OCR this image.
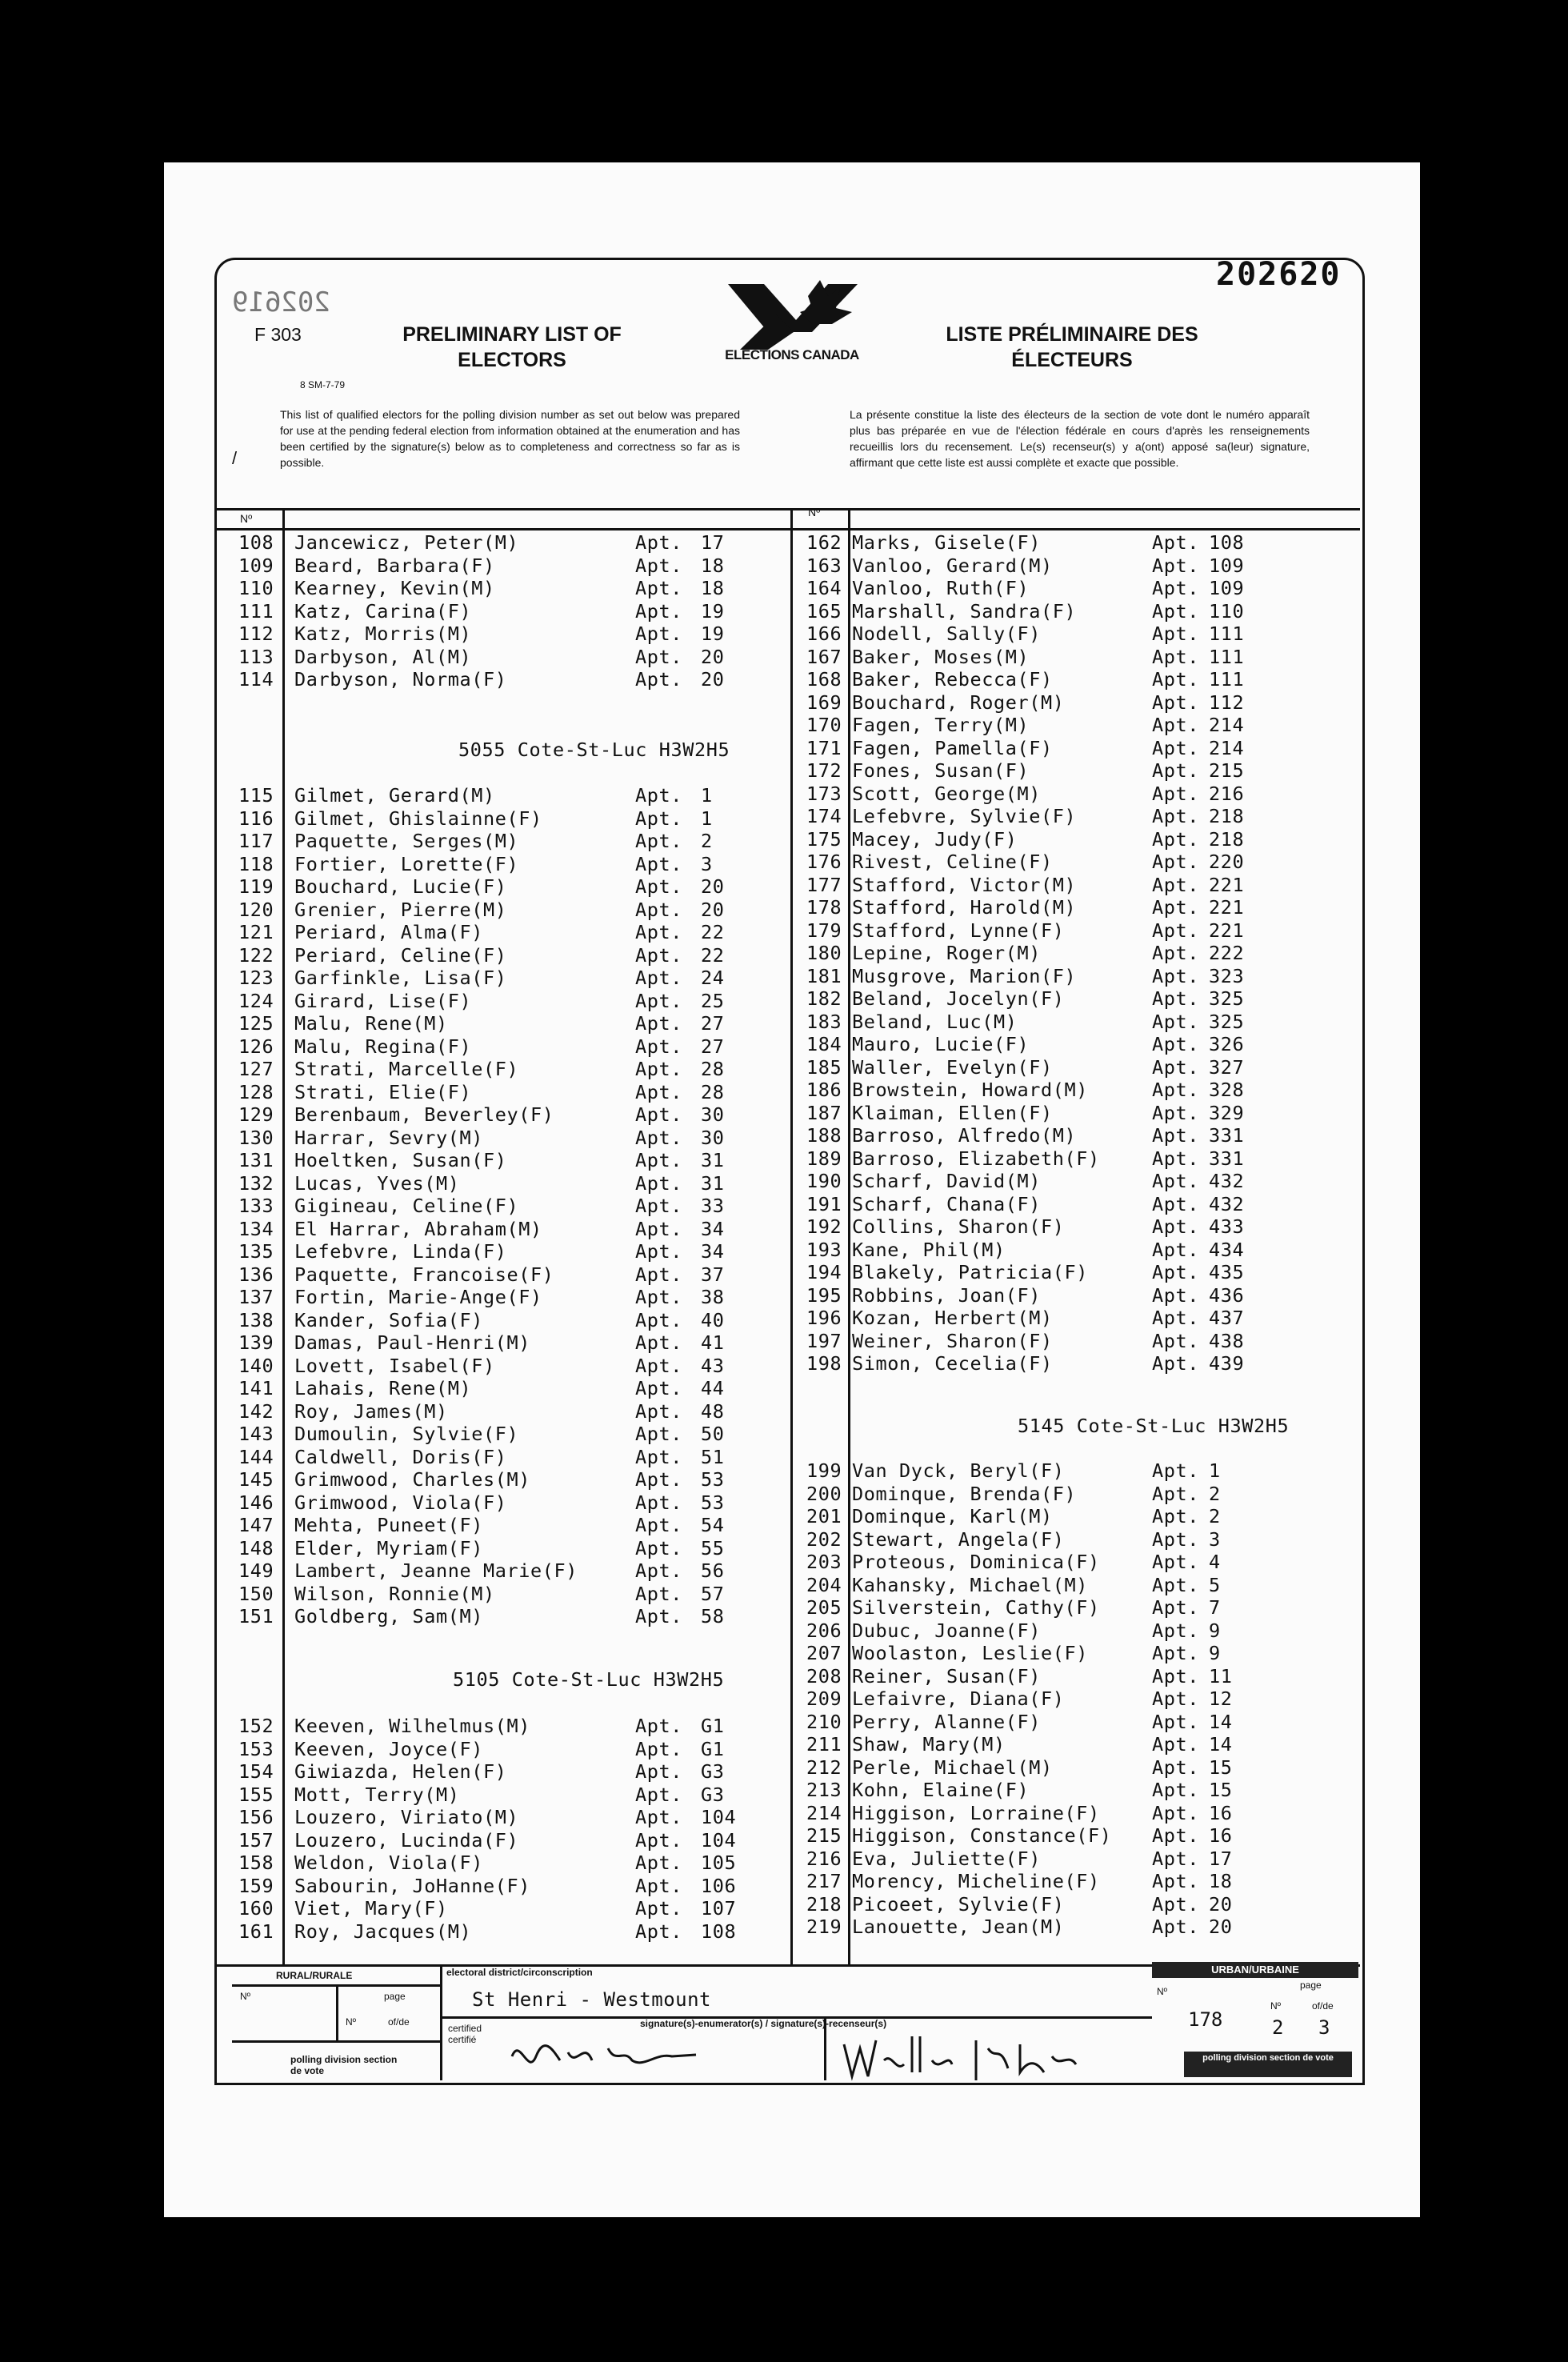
202619
202620
F 303
8 SM-7-79
PRELIMINARY LIST OF ELECTORS
LISTE PRÉLIMINAIRE DES ÉLECTEURS
ELECTIONS CANADA
This list of qualified electors for the polling division number as set out below was prepared for use at the pending federal election from information obtained at the enumeration and has been certified by the signature(s) below as to completeness and correctness so far as is possible.
La présente constitue la liste des électeurs de la section de vote dont le numéro apparaît plus bas préparée en vue de l'élection fédérale en cours d'après les renseignements recueillis lors du recensement. Le(s) recenseur(s) y a(ont) apposé sa(leur) signature, affirmant que cette liste est aussi complète et exacte que possible.
/
Nº	Nº
108 Jancewicz, Peter(M)	Apt. 17
109 Beard, Barbara(F)	Apt. 18
110 Kearney, Kevin(M)	Apt. 18
111 Katz, Carina(F)	Apt. 19
112 Katz, Morris(M)	Apt. 19
113 Darbyson, Al(M)	Apt. 20
114 Darbyson, Norma(F)	Apt. 20
115 Gilmet, Gerard(M)	Apt. 1
116 Gilmet, Ghislainne(F)	Apt. 1
117 Paquette, Serges(M)	Apt. 2
118 Fortier, Lorette(F)	Apt. 3
119 Bouchard, Lucie(F)	Apt. 20
120 Grenier, Pierre(M)	Apt. 20
121 Periard, Alma(F)	Apt. 22
122 Periard, Celine(F)	Apt. 22
123 Garfinkle, Lisa(F)	Apt. 24
124 Girard, Lise(F)	Apt. 25
125 Malu, Rene(M)	Apt. 27
126 Malu, Regina(F)	Apt. 27
127 Strati, Marcelle(F)	Apt. 28
128 Strati, Elie(F)	Apt. 28
129 Berenbaum, Beverley(F)	Apt. 30
130 Harrar, Sevry(M)	Apt. 30
131 Hoeltken, Susan(F)	Apt. 31
132 Lucas, Yves(M)	Apt. 31
133 Gigineau, Celine(F)	Apt. 33
134 El Harrar, Abraham(M)	Apt. 34
135 Lefebvre, Linda(F)	Apt. 34
136 Paquette, Francoise(F)	Apt. 37
137 Fortin, Marie-Ange(F)	Apt. 38
138 Kander, Sofia(F)	Apt. 40
139 Damas, Paul-Henri(M)	Apt. 41
140 Lovett, Isabel(F)	Apt. 43
141 Lahais, Rene(M)	Apt. 44
142 Roy, James(M)	Apt. 48
143 Dumoulin, Sylvie(F)	Apt. 50
144 Caldwell, Doris(F)	Apt. 51
145 Grimwood, Charles(M)	Apt. 53
146 Grimwood, Viola(F)	Apt. 53
147 Mehta, Puneet(F)	Apt. 54
148 Elder, Myriam(F)	Apt. 55
149 Lambert, Jeanne Marie(F)	Apt. 56
150 Wilson, Ronnie(M)	Apt. 57
151 Goldberg, Sam(M)	Apt. 58
152 Keeven, Wilhelmus(M)	Apt. G1
153 Keeven, Joyce(F)	Apt. G1
154 Giwiazda, Helen(F)	Apt. G3
155 Mott, Terry(M)	Apt. G3
156 Louzero, Viriato(M)	Apt. 104
157 Louzero, Lucinda(F)	Apt. 104
158 Weldon, Viola(F)	Apt. 105
159 Sabourin, JoHanne(F)	Apt. 106
160 Viet, Mary(F)	Apt. 107
161 Roy, Jacques(M)	Apt. 108
162 Marks, Gisele(F)	Apt. 108
163 Vanloo, Gerard(M)	Apt. 109
164 Vanloo, Ruth(F)	Apt. 109
165 Marshall, Sandra(F)	Apt. 110
166 Nodell, Sally(F)	Apt. 111
167 Baker, Moses(M)	Apt. 111
168 Baker, Rebecca(F)	Apt. 111
169 Bouchard, Roger(M)	Apt. 112
170 Fagen, Terry(M)	Apt. 214
171 Fagen, Pamella(F)	Apt. 214
172 Fones, Susan(F)	Apt. 215
173 Scott, George(M)	Apt. 216
174 Lefebvre, Sylvie(F)	Apt. 218
175 Macey, Judy(F)	Apt. 218
176 Rivest, Celine(F)	Apt. 220
177 Stafford, Victor(M)	Apt. 221
178 Stafford, Harold(M)	Apt. 221
179 Stafford, Lynne(F)	Apt. 221
180 Lepine, Roger(M)	Apt. 222
181 Musgrove, Marion(F)	Apt. 323
182 Beland, Jocelyn(F)	Apt. 325
183 Beland, Luc(M)	Apt. 325
184 Mauro, Lucie(F)	Apt. 326
185 Waller, Evelyn(F)	Apt. 327
186 Browstein, Howard(M)	Apt. 328
187 Klaiman, Ellen(F)	Apt. 329
188 Barroso, Alfredo(M)	Apt. 331
189 Barroso, Elizabeth(F)	Apt. 331
190 Scharf, David(M)	Apt. 432
191 Scharf, Chana(F)	Apt. 432
192 Collins, Sharon(F)	Apt. 433
193 Kane, Phil(M)	Apt. 434
194 Blakely, Patricia(F)	Apt. 435
195 Robbins, Joan(F)	Apt. 436
196 Kozan, Herbert(M)	Apt. 437
197 Weiner, Sharon(F)	Apt. 438
198 Simon, Cecelia(F)	Apt. 439
199 Van Dyck, Beryl(F)	Apt. 1
200 Dominque, Brenda(F)	Apt. 2
201 Dominque, Karl(M)	Apt. 2
202 Stewart, Angela(F)	Apt. 3
203 Proteous, Dominica(F)	Apt. 4
204 Kahansky, Michael(M)	Apt. 5
205 Silverstein, Cathy(F)	Apt. 7
206 Dubuc, Joanne(F)	Apt. 9
207 Woolaston, Leslie(F)	Apt. 9
208 Reiner, Susan(F)	Apt. 11
209 Lefaivre, Diana(F)	Apt. 12
210 Perry, Alanne(F)	Apt. 14
211 Shaw, Mary(M)	Apt. 14
212 Perle, Michael(M)	Apt. 15
213 Kohn, Elaine(F)	Apt. 15
214 Higgison, Lorraine(F)	Apt. 16
215 Higgison, Constance(F) Apt. 16
216 Eva, Juliette(F)	Apt. 17
217 Morency, Micheline(F)	Apt. 18
218 Picoeet, Sylvie(F)	Apt. 20
219 Lanouette, Jean(M)	Apt. 20
5055 Cote-St-Luc H3W2H5
5105 Cote-St-Luc H3W2H5
5145 Cote-St-Luc H3W2H5
RURAL/RURALE
Nº	page
Nº	of/de
polling division section de vote
electoral district/circonscription
St Henri - Westmount
certified certifié
signature(s)-enumerator(s) / signature(s)-recenseur(s)
URBAN/URBAINE
Nº
page
178
Nº	of/de
2 3
polling division section de vote
